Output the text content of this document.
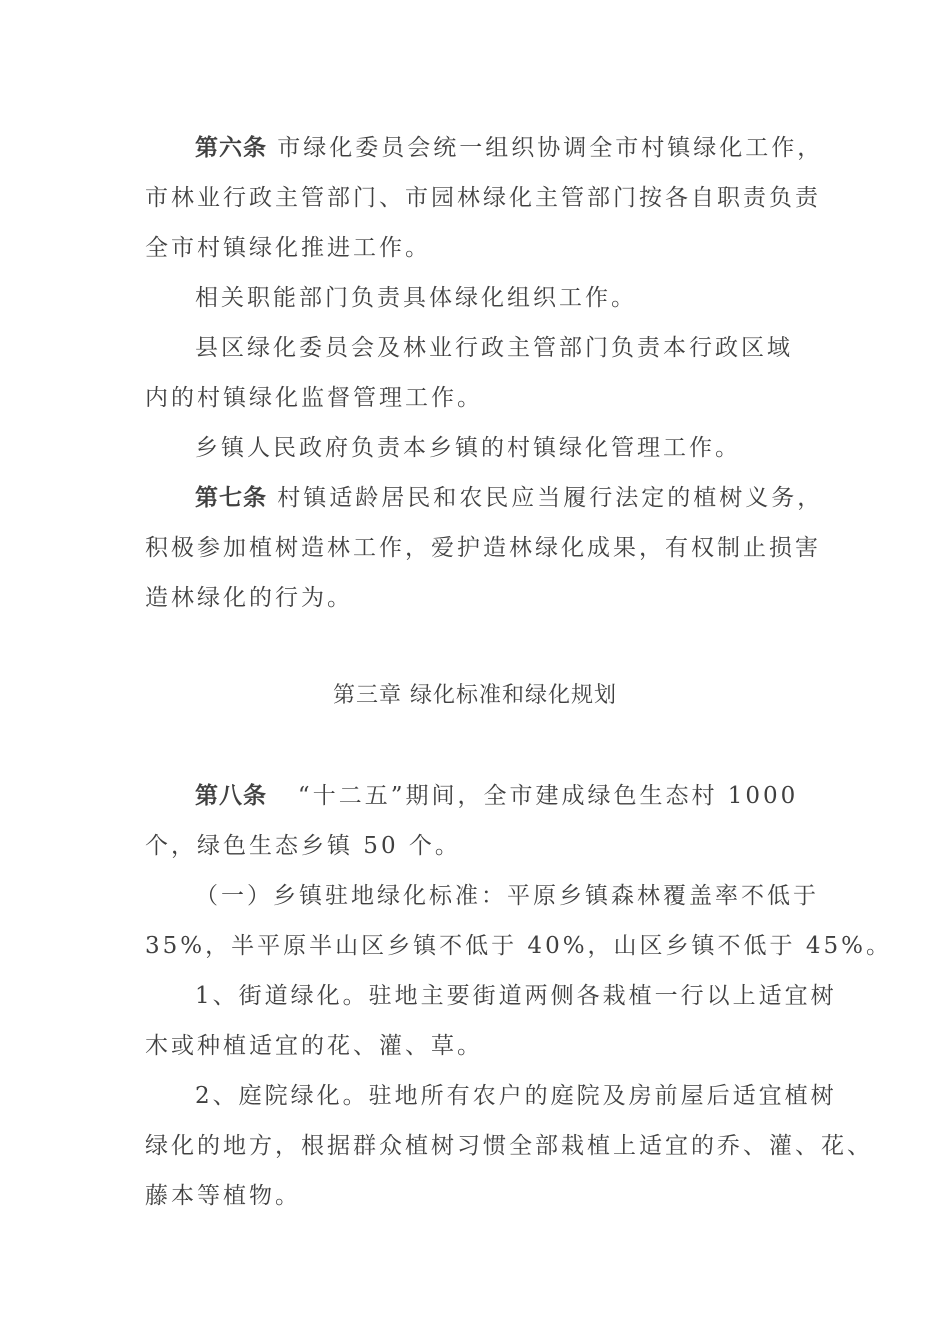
第六条 市绿化委员会统一组织协调全市村镇绿化工作，
市林业行政主管部门、市园林绿化主管部门按各自职责负责
全市村镇绿化推进工作。
相关职能部门负责具体绿化组织工作。
县区绿化委员会及林业行政主管部门负责本行政区域
内的村镇绿化监督管理工作。
乡镇人民政府负责本乡镇的村镇绿化管理工作。
第七条 村镇适龄居民和农民应当履行法定的植树义务，
积极参加植树造林工作，爱护造林绿化成果，有权制止损害
造林绿化的行为。
第三章 绿化标准和绿化规划
第八条   “十二五”期间，全市建成绿色生态村 1000
个，绿色生态乡镇 50 个。
（一）乡镇驻地绿化标准：平原乡镇森林覆盖率不低于
35%，半平原半山区乡镇不低于 40%，山区乡镇不低于 45%。
1、街道绿化。驻地主要街道两侧各栽植一行以上适宜树
木或种植适宜的花、灌、草。
2、庭院绿化。驻地所有农户的庭院及房前屋后适宜植树
绿化的地方，根据群众植树习惯全部栽植上适宜的乔、灌、花、
藤本等植物。
